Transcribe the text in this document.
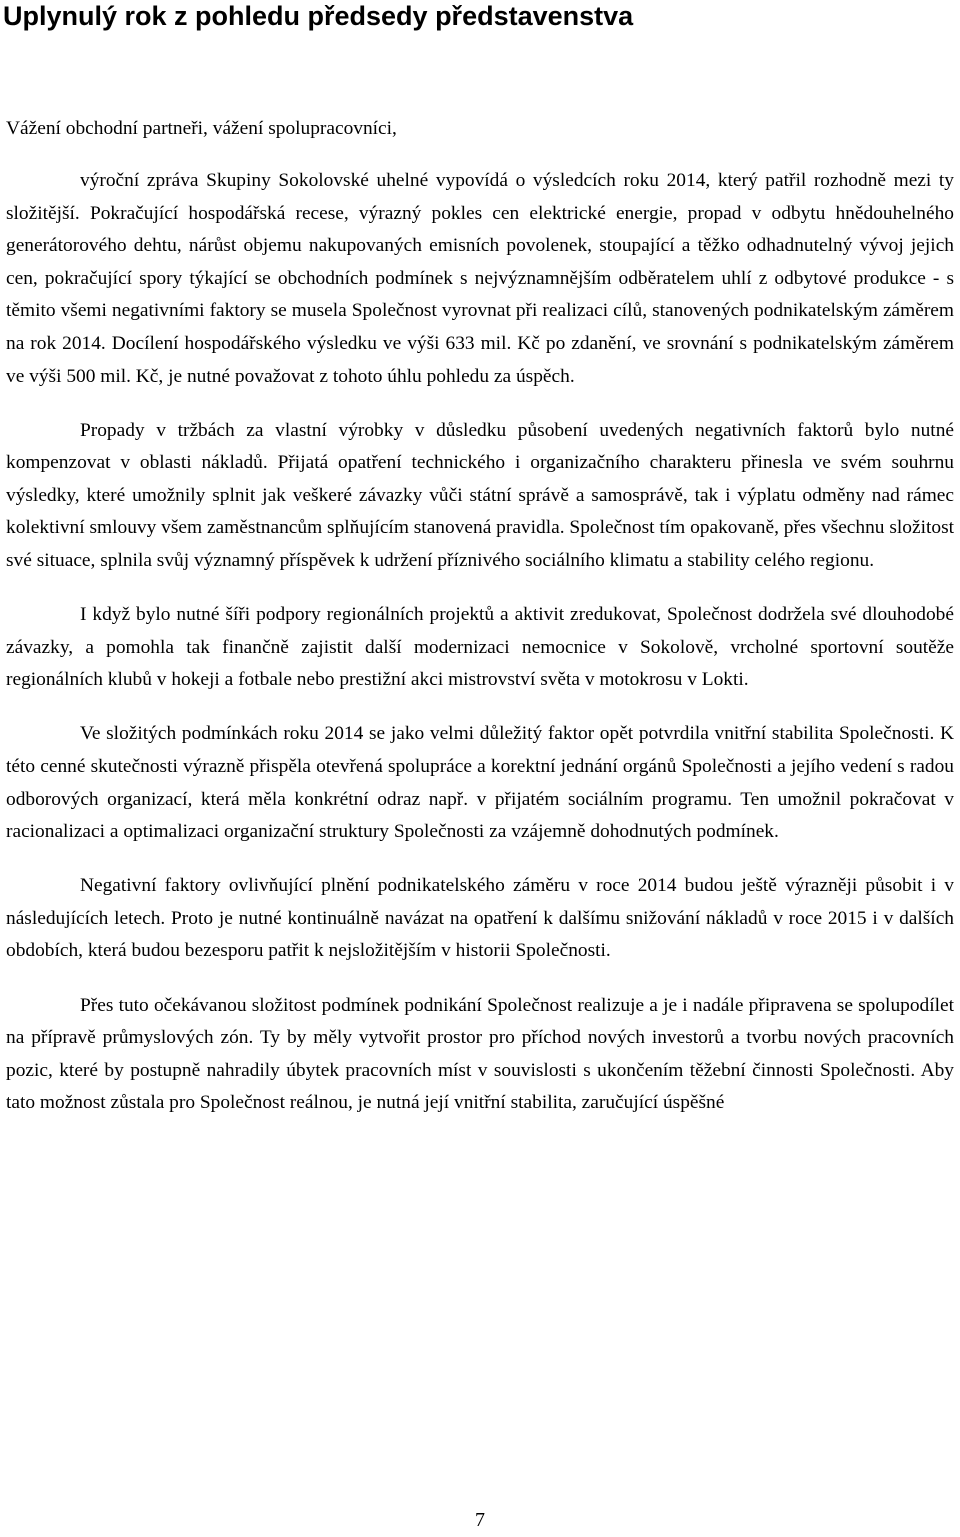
Uplynulý rok z pohledu předsedy představenstva

Vážení obchodní partneři, vážení spolupracovníci,

výroční zpráva Skupiny Sokolovské uhelné vypovídá o výsledcích roku 2014, který patřil rozhodně mezi ty složitější. Pokračující hospodářská recese, výrazný pokles cen elektrické energie, propad v odbytu hnědouhelného generátorového dehtu, nárůst objemu nakupovaných emisních povolenek, stoupající a těžko odhadnutelný vývoj jejich cen, pokračující spory týkající se obchodních podmínek s nejvýznamnějším odběratelem uhlí z odbytové produkce - s těmito všemi negativními faktory se musela Společnost vyrovnat při realizaci cílů, stanovených podnikatelským záměrem na rok 2014. Docílení hospodářského výsledku ve výši 633 mil. Kč po zdanění, ve srovnání s podnikatelským záměrem ve výši 500 mil. Kč, je nutné považovat z tohoto úhlu pohledu za úspěch.

Propady v tržbách za vlastní výrobky v důsledku působení uvedených negativních faktorů bylo nutné kompenzovat v oblasti nákladů. Přijatá opatření technického i organizačního charakteru přinesla ve svém souhrnu výsledky, které umožnily splnit jak veškeré závazky vůči státní správě a samosprávě, tak i výplatu odměny nad rámec kolektivní smlouvy všem zaměstnancům splňujícím stanovená pravidla. Společnost tím opakovaně, přes všechnu složitost své situace, splnila svůj významný příspěvek k udržení příznivého sociálního klimatu a stability celého regionu.

I když bylo nutné šíři podpory regionálních projektů a aktivit zredukovat, Společnost dodržela své dlouhodobé závazky, a pomohla tak finančně zajistit další modernizaci nemocnice v Sokolově, vrcholné sportovní soutěže regionálních klubů v hokeji a fotbale nebo prestižní akci mistrovství světa v motokrosu v Lokti.

Ve složitých podmínkách roku 2014 se jako velmi důležitý faktor opět potvrdila vnitřní stabilita Společnosti. K této cenné skutečnosti výrazně přispěla otevřená spolupráce a korektní jednání orgánů Společnosti a jejího vedení s radou odborových organizací, která měla konkrétní odraz např. v přijatém sociálním programu. Ten umožnil pokračovat v racionalizaci a optimalizaci organizační struktury Společnosti za vzájemně dohodnutých podmínek.

Negativní faktory ovlivňující plnění podnikatelského záměru v roce 2014 budou ještě výrazněji působit i v následujících letech. Proto je nutné kontinuálně navázat na opatření k dalšímu snižování nákladů v roce 2015 i v dalších obdobích, která budou bezesporu patřit k nejsložitějším v historii Společnosti.

Přes tuto očekávanou složitost podmínek podnikání Společnost realizuje a je i nadále připravena se spolupodílet na přípravě průmyslových zón. Ty by měly vytvořit prostor pro příchod nových investorů a tvorbu nových pracovních pozic, které by postupně nahradily úbytek pracovních míst v souvislosti s ukončením těžební činnosti Společnosti. Aby tato možnost zůstala pro Společnost reálnou, je nutná její vnitřní stabilita, zaručující úspěšné

7
